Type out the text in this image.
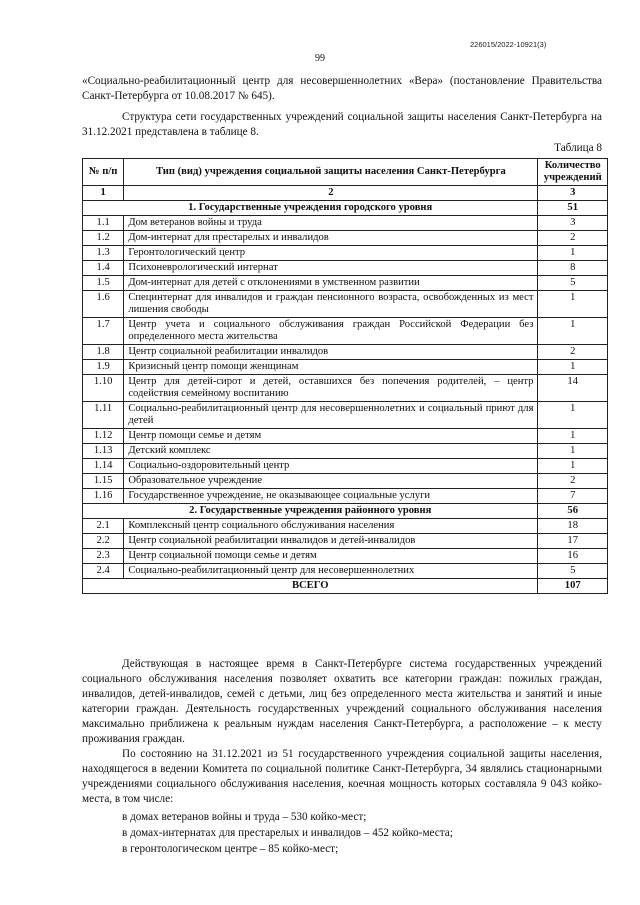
226015/2022-10921(3)
99

«Социально-реабилитационный центр для несовершеннолетних «Вера» (постановление Правительства Санкт-Петербурга от 10.08.2017 № 645).

Структура сети государственных учреждений социальной защиты населения Санкт-Петербурга на 31.12.2021 представлена в таблице 8.

Таблица 8
№ п/п	Тип (вид) учреждения социальной защиты населения Санкт-Петербурга	Количество учреждений
1	2	3
1. Государственные учреждения городского уровня		51
1.1	Дом ветеранов войны и труда	3
1.2	Дом-интернат для престарелых и инвалидов	2
1.3	Геронтологический центр	1
1.4	Психоневрологический интернат	8
1.5	Дом-интернат для детей с отклонениями в умственном развитии	5
1.6	Специнтернат для инвалидов и граждан пенсионного возраста, освобожденных из мест лишения свободы	1
1.7	Центр учета и социального обслуживания граждан Российской Федерации без определенного места жительства	1
1.8	Центр социальной реабилитации инвалидов	2
1.9	Кризисный центр помощи женщинам	1
1.10	Центр для детей-сирот и детей, оставшихся без попечения родителей, – центр содействия семейному воспитанию	14
1.11	Социально-реабилитационный центр для несовершеннолетних и социальный приют для детей	1
1.12	Центр помощи семье и детям	1
1.13	Детский комплекс	1
1.14	Социально-оздоровительный центр	1
1.15	Образовательное учреждение	2
1.16	Государственное учреждение, не оказывающее социальные услуги	7
2. Государственные учреждения районного уровня		56
2.1	Комплексный центр социального обслуживания населения	18
2.2	Центр социальной реабилитации инвалидов и детей-инвалидов	17
2.3	Центр социальной помощи семье и детям	16
2.4	Социально-реабилитационный центр для несовершеннолетних	5
ВСЕГО		107

Действующая в настоящее время в Санкт-Петербурге система государственных учреждений социального обслуживания населения позволяет охватить все категории граждан: пожилых граждан, инвалидов, детей-инвалидов, семей с детьми, лиц без определенного места жительства и занятий и иные категории граждан. Деятельность государственных учреждений социального обслуживания населения максимально приближена к реальным нуждам населения Санкт-Петербурга, а расположение – к месту проживания граждан.

По состоянию на 31.12.2021 из 51 государственного учреждения социальной защиты населения, находящегося в ведении Комитета по социальной политике Санкт-Петербурга, 34 являлись стационарными учреждениями социального обслуживания населения, коечная мощность которых составляла 9 043 койко-места, в том числе:

в домах ветеранов войны и труда – 530 койко-мест;
в домах-интернатах для престарелых и инвалидов – 452 койко-места;
в геронтологическом центре – 85 койко-мест;
